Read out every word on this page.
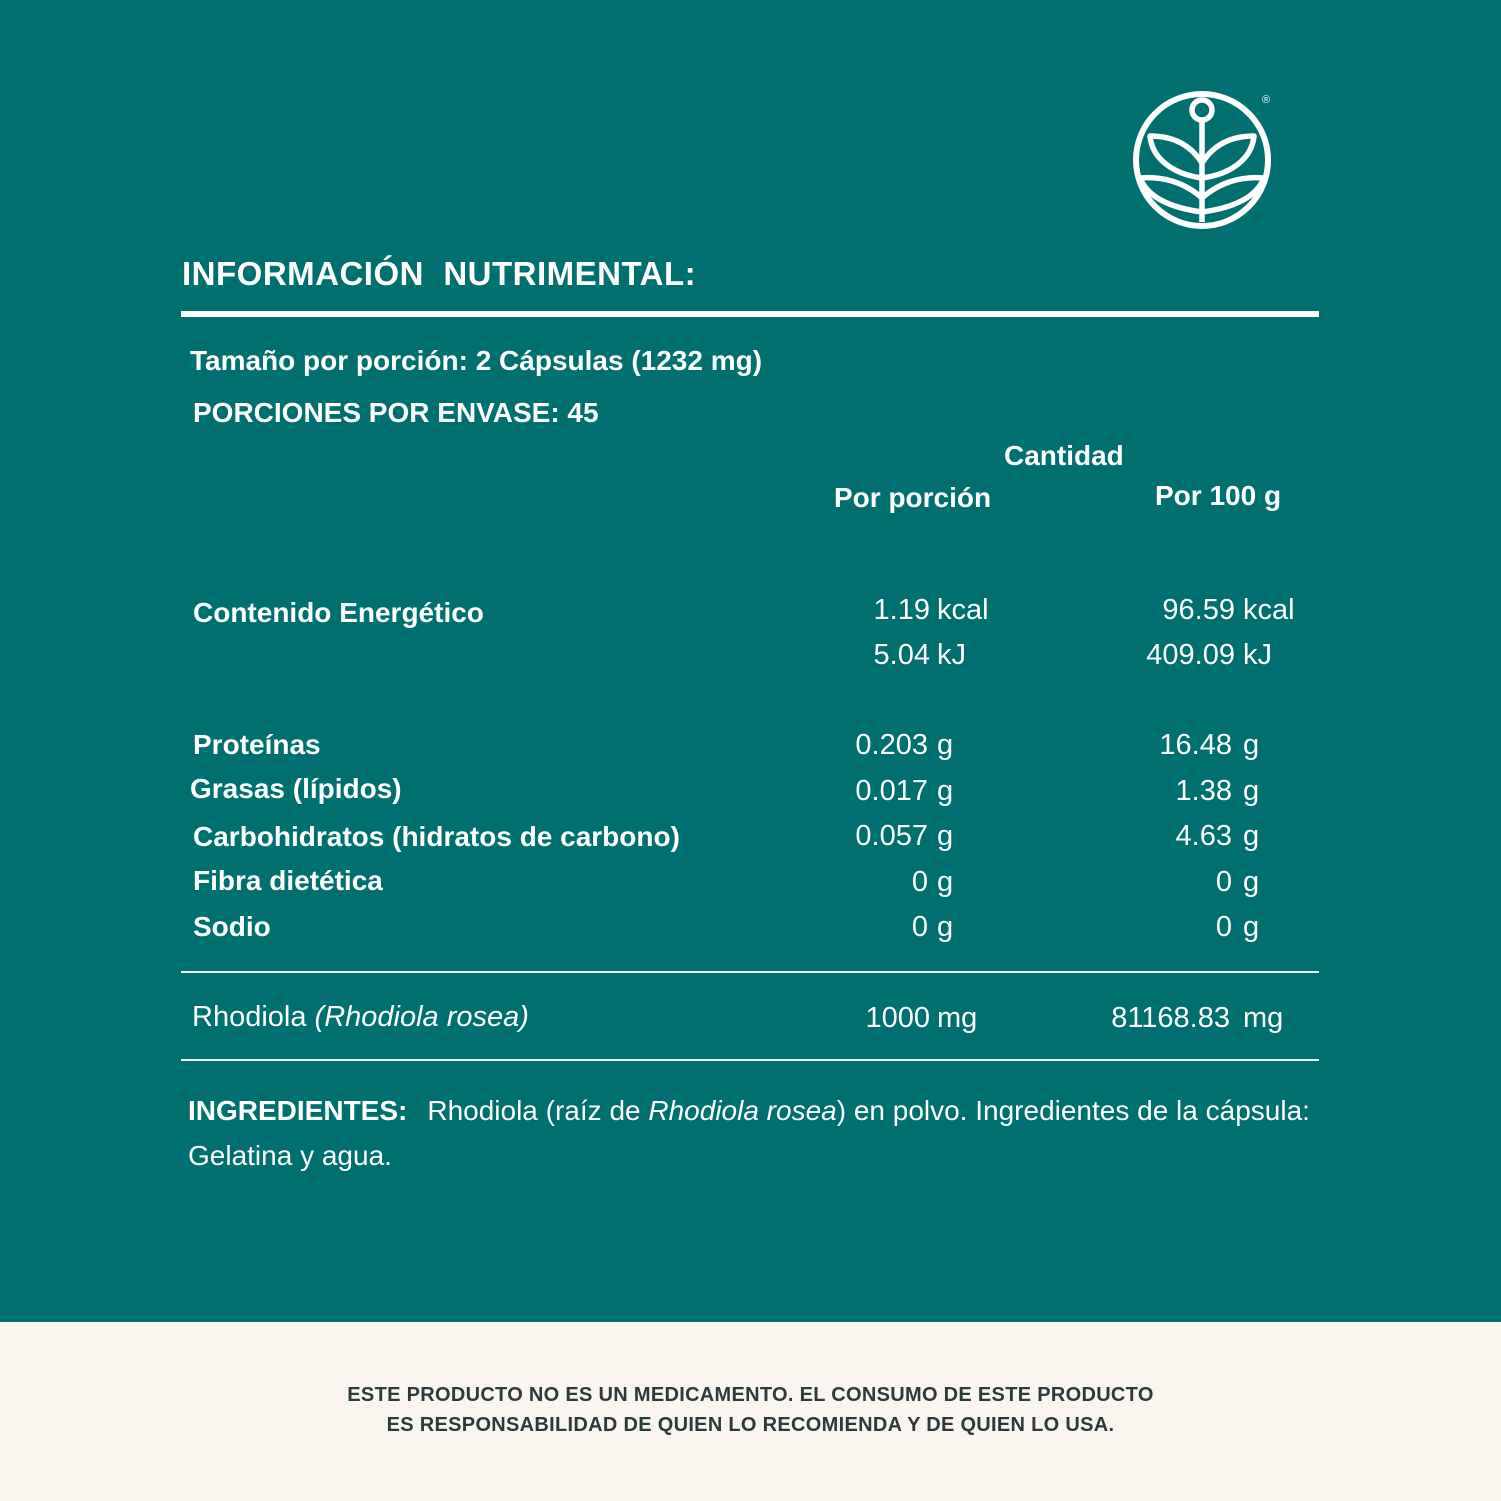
®
INFORMACIÓN  NUTRIMENTAL:
Tamaño por porción: 2 Cápsulas (1232 mg)
PORCIONES POR ENVASE: 45
Cantidad
Por porción	Por 100 g
Contenido Energético	1.19 kcal	96.59 kcal
5.04 kJ	409.09 kJ
Proteínas	0.203 g	16.48 g
Grasas (lípidos)	0.017 g	1.38 g
Carbohidratos (hidratos de carbono)	0.057 g	4.63 g
Fibra dietética	0 g	0 g
Sodio	0 g	0 g
Rhodiola (Rhodiola rosea)	1000 mg	81168.83 mg
INGREDIENTES: Rhodiola (raíz de Rhodiola rosea) en polvo. Ingredientes de la cápsula: Gelatina y agua.
ESTE PRODUCTO NO ES UN MEDICAMENTO. EL CONSUMO DE ESTE PRODUCTO
ES RESPONSABILIDAD DE QUIEN LO RECOMIENDA Y DE QUIEN LO USA.
